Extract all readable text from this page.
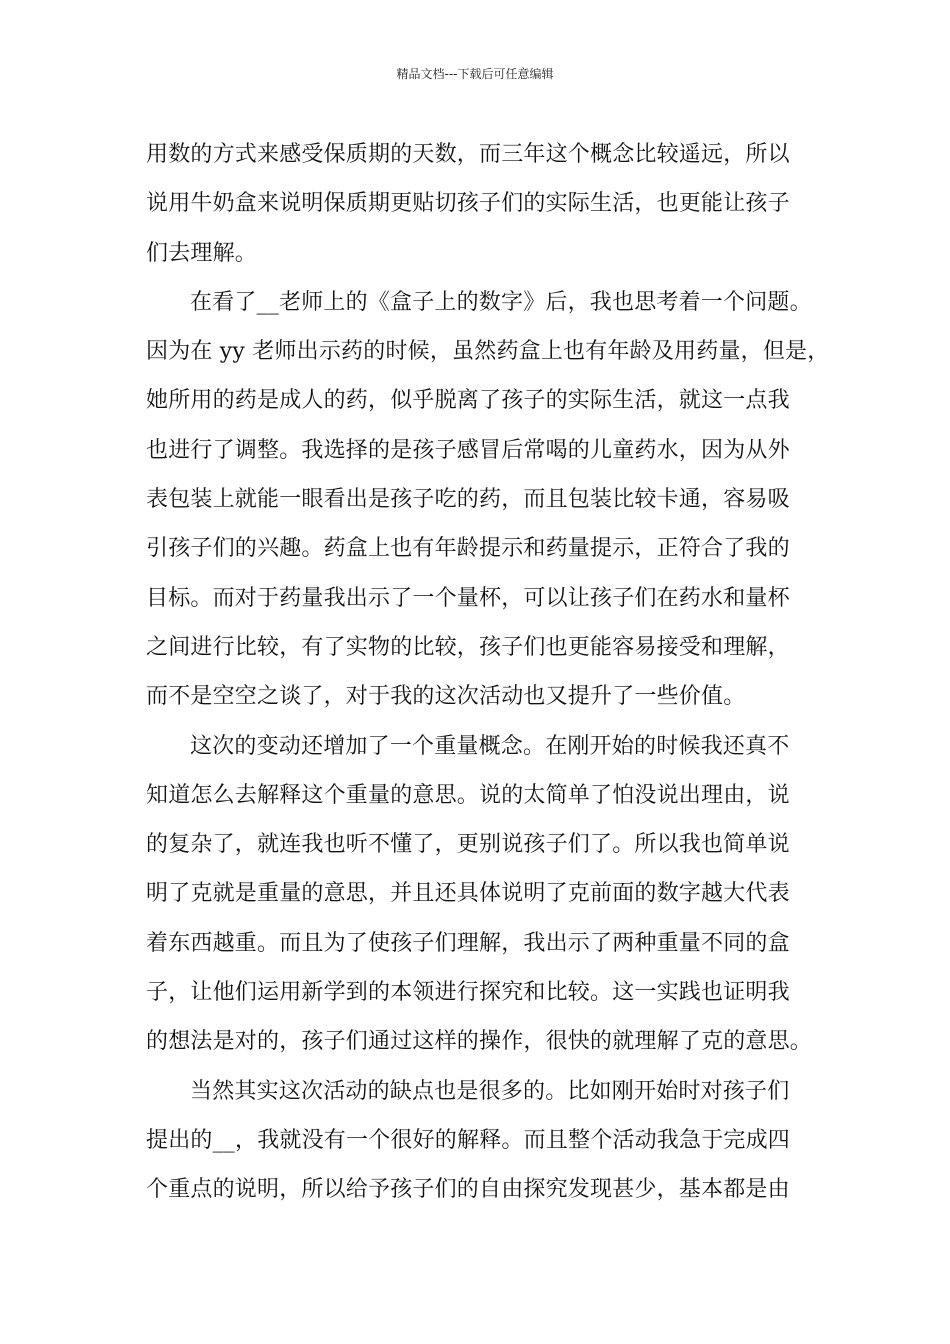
精品文档---下载后可任意编辑
用数的方式来感受保质期的天数，而三年这个概念比较遥远，所以
说用牛奶盒来说明保质期更贴切孩子们的实际生活，也更能让孩子
们去理解。
在看了__老师上的《盒子上的数字》后，我也思考着一个问题。
因为在 yy 老师出示药的时候，虽然药盒上也有年龄及用药量，但是，
她所用的药是成人的药，似乎脱离了孩子的实际生活，就这一点我
也进行了调整。我选择的是孩子感冒后常喝的儿童药水，因为从外
表包装上就能一眼看出是孩子吃的药，而且包装比较卡通，容易吸
引孩子们的兴趣。药盒上也有年龄提示和药量提示，正符合了我的
目标。而对于药量我出示了一个量杯，可以让孩子们在药水和量杯
之间进行比较，有了实物的比较，孩子们也更能容易接受和理解，
而不是空空之谈了，对于我的这次活动也又提升了一些价值。
这次的变动还增加了一个重量概念。在刚开始的时候我还真不
知道怎么去解释这个重量的意思。说的太简单了怕没说出理由，说
的复杂了，就连我也听不懂了，更别说孩子们了。所以我也简单说
明了克就是重量的意思，并且还具体说明了克前面的数字越大代表
着东西越重。而且为了使孩子们理解，我出示了两种重量不同的盒
子，让他们运用新学到的本领进行探究和比较。这一实践也证明我
的想法是对的，孩子们通过这样的操作，很快的就理解了克的意思。
当然其实这次活动的缺点也是很多的。比如刚开始时对孩子们
提出的__，我就没有一个很好的解释。而且整个活动我急于完成四
个重点的说明，所以给予孩子们的自由探究发现甚少，基本都是由
